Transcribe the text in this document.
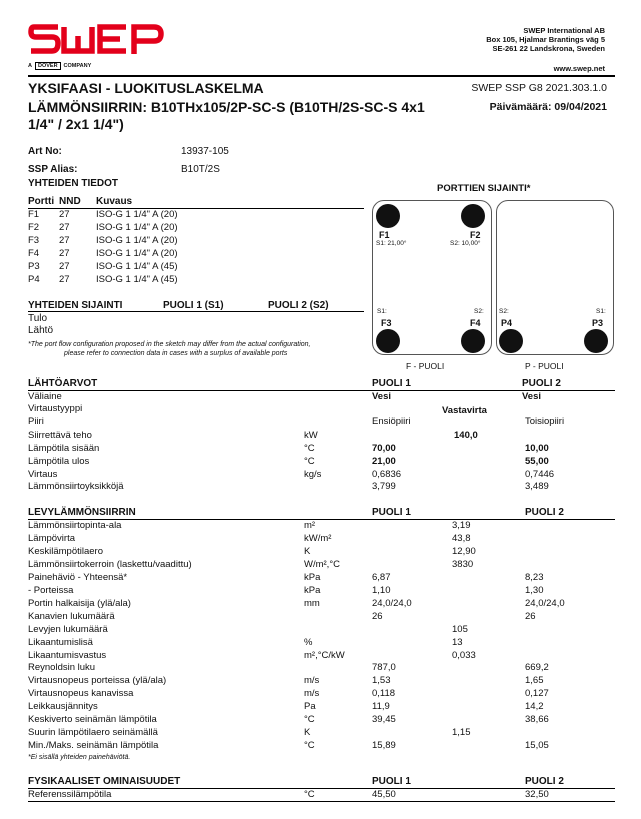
A	DOVER	COMPANY
SWEP International AB
Box 105, Hjalmar Brantings väg 5
SE-261 22 Landskrona, Sweden
www.swep.net
YKSIFAASI - LUOKITUSLASKELMA	SWEP SSP G8 2021.303.1.0
LÄMMÖNSIIRRIN: B10THx105/2P-SC-S (B10TH/2S-SC-S 4x1
1/4" / 2x1 1/4")
Päivämäärä: 09/04/2021
Art No:	13937-105
SSP Alias:	B10T/2S
YHTEIDEN TIEDOT
Portti NND Kuvaus
F1 27	ISO-G 1 1/4" A (20)
F2 27	ISO-G 1 1/4" A (20)
F3 27	ISO-G 1 1/4" A (20)
F4 27	ISO-G 1 1/4" A (20)
P3 27	ISO-G 1 1/4" A (45)
P4 27	ISO-G 1 1/4" A (45)
YHTEIDEN SIJAINTI	PUOLI 1 (S1)	PUOLI 2 (S2)
Tulo
Lähtö
*The port flow configuration proposed in the sketch may differ from the actual configuration,
please refer to connection data in cases with a surplus of available ports
PORTTIEN SIJAINTI*
F1
S1: 21,00°
F2
S2: 10,00°
S1:
F3
S2:
F4
S2:
P4
S1:
P3
F - PUOLI	P - PUOLI
LÄHTÖARVOT	PUOLI 1	PUOLI 2
Väliaine	Vesi	Vesi
Virtaustyyppi	Vastavirta
Piiri	Ensiöpiiri	Toisiopiiri
Siirrettävä teho	kW	140,0
Lämpötila sisään	°C	70,00	10,00
Lämpötila ulos	°C	21,00	55,00
Virtaus	kg/s	0,6836	0,7446
Lämmönsiirtoyksikköjä	3,799	3,489
LEVYLÄMMÖNSIIRRIN	PUOLI 1	PUOLI 2
Lämmönsiirtopinta-ala	m²	3,19
Lämpövirta	kW/m²	43,8
Keskilämpötilaero	K	12,90
Lämmönsiirtokerroin (laskettu/vaadittu)	W/m²,°C	3830
Painehäviö - Yhteensä*	kPa	6,87	8,23
- Porteissa	kPa	1,10	1,30
Portin halkaisija (ylä/ala)	mm	24,0/24,0	24,0/24,0
Kanavien lukumäärä	26	26
Levyjen lukumäärä	105
Likaantumislisä	%	13
Likaantumisvastus	m²,°C/kW	0,033
Reynoldsin luku	787,0	669,2
Virtausnopeus porteissa (ylä/ala)	m/s	1,53	1,65
Virtausnopeus kanavissa	m/s	0,118	0,127
Leikkausjännitys	Pa	11,9	14,2
Keskiverto seinämän lämpötila	°C	39,45	38,66
Suurin lämpötilaero seinämällä	K	1,15
Min./Maks. seinämän lämpötila	°C	15,89	15,05
*Ei sisällä yhteiden painehäviötä.
FYSIKAALISET OMINAISUUDET	PUOLI 1	PUOLI 2
Referenssilämpötila	°C	45,50	32,50
